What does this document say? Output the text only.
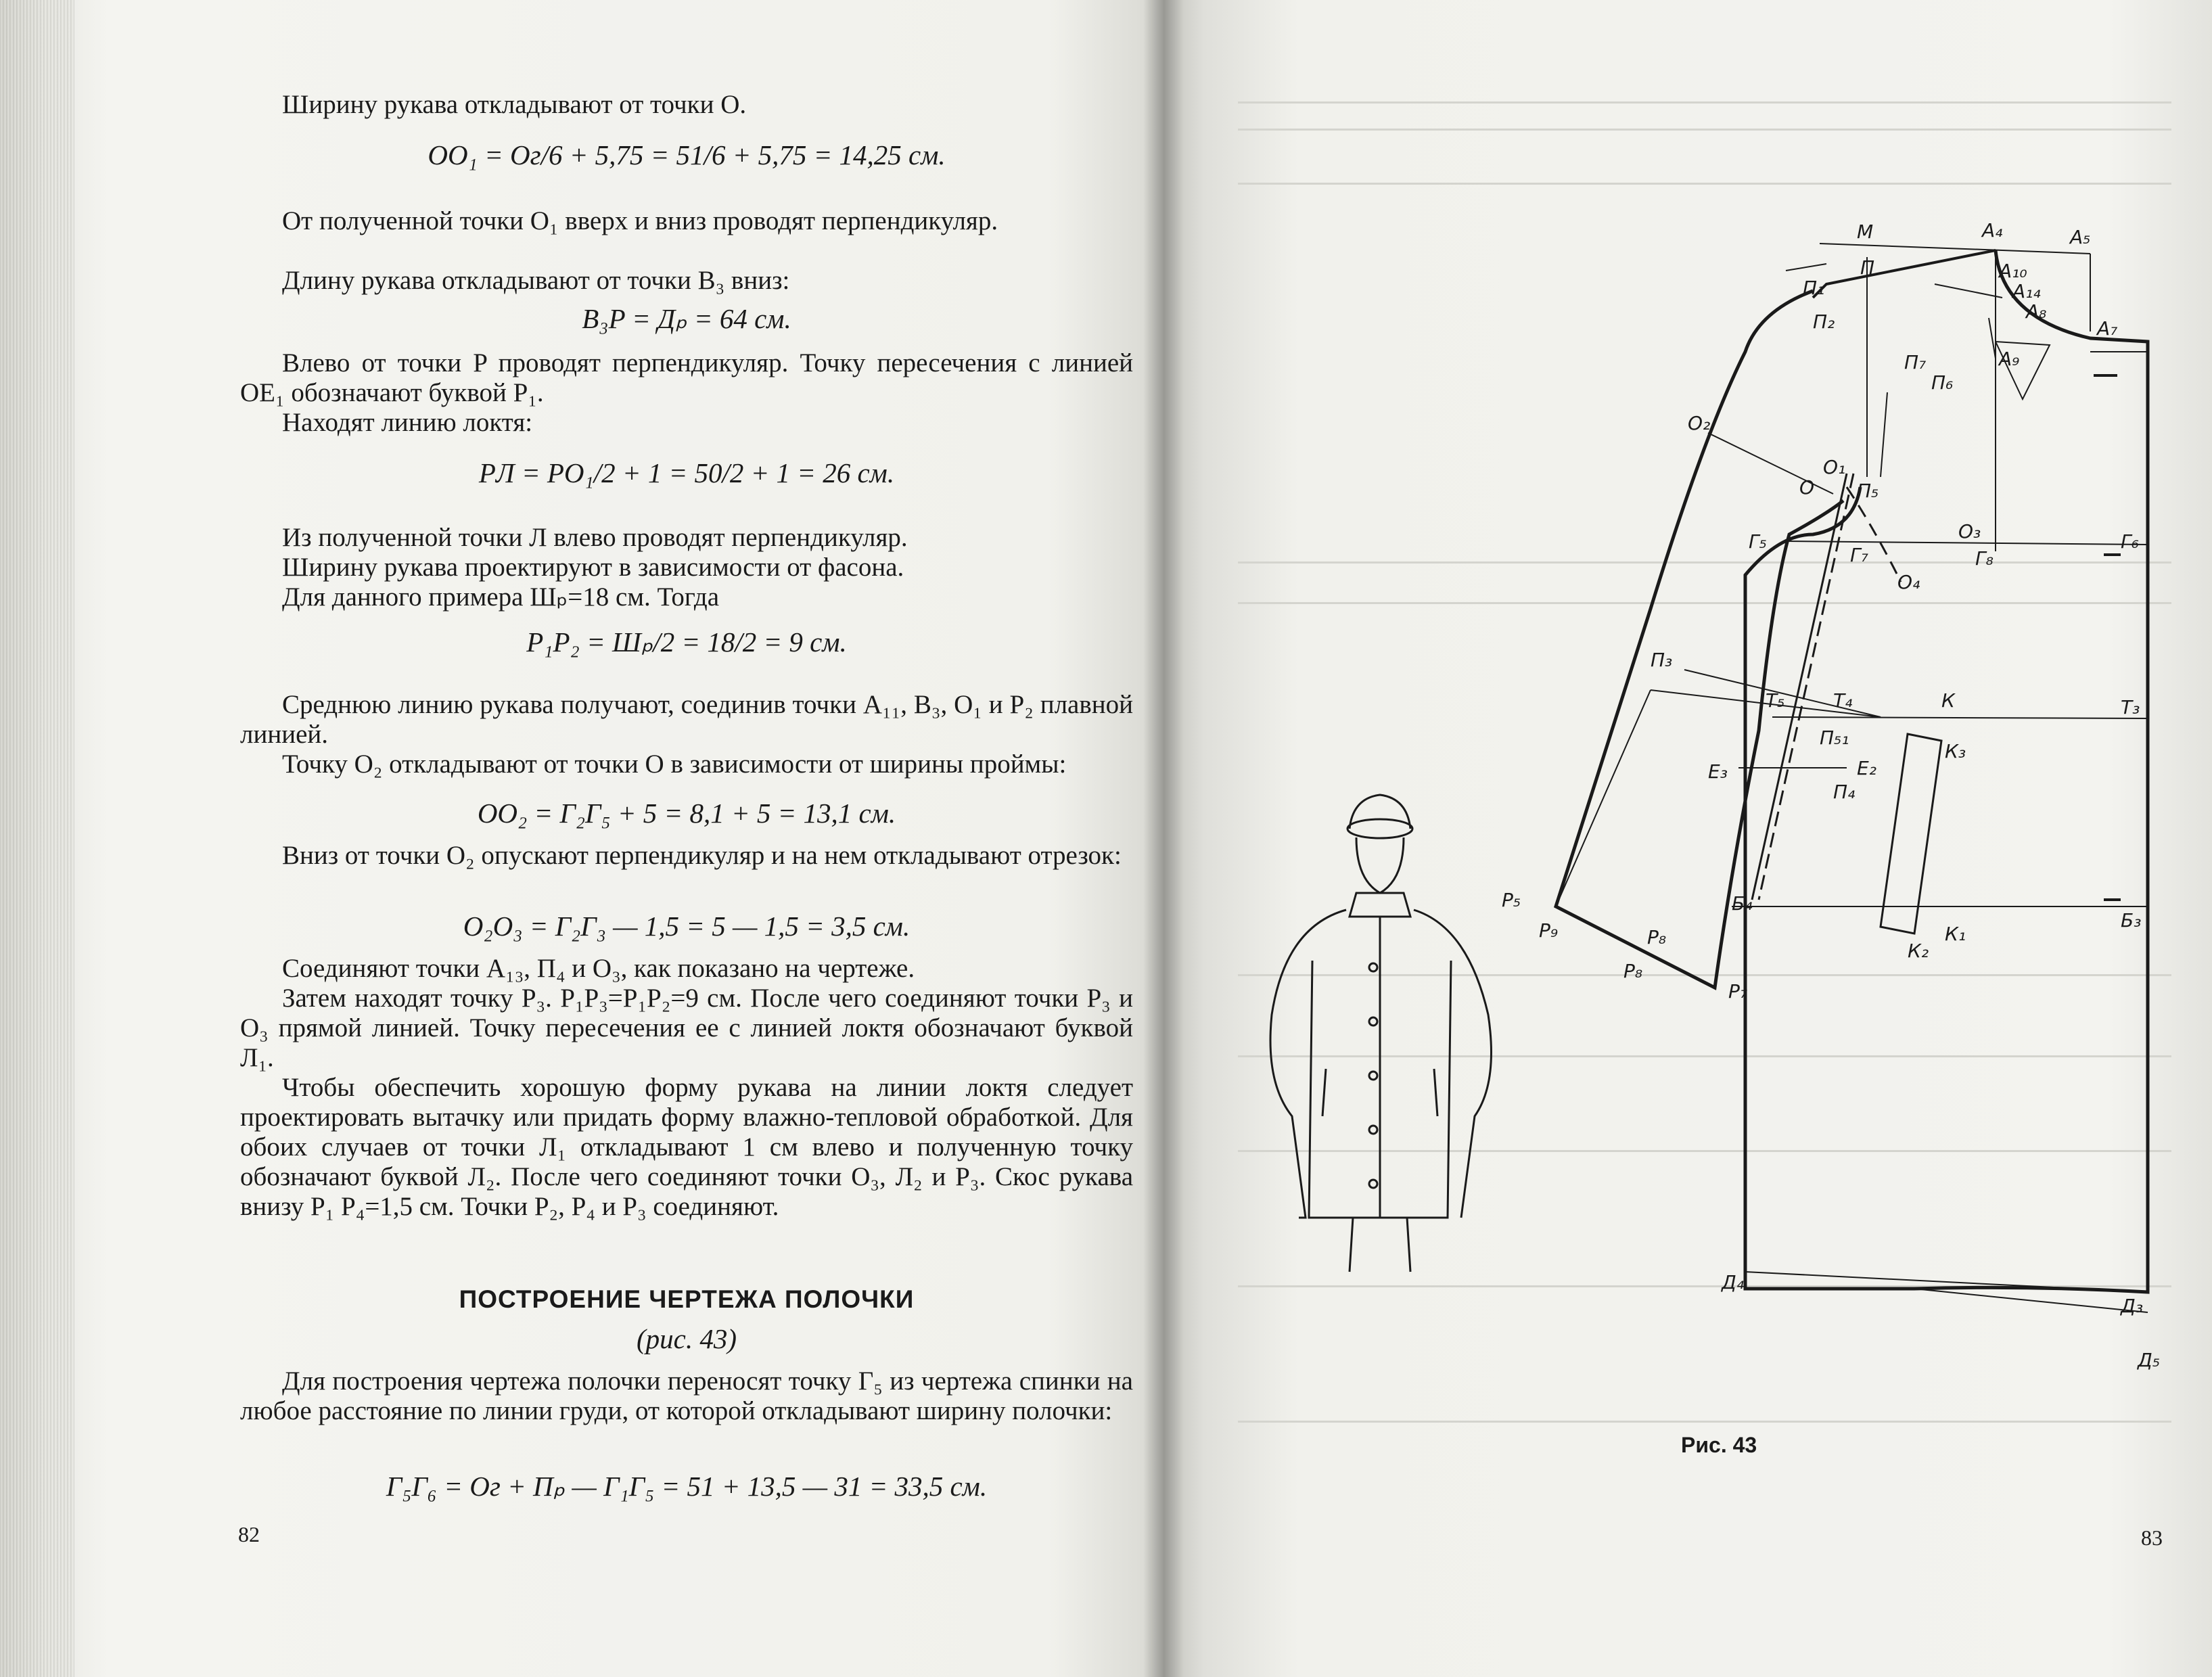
Ширину рукава откладывают от точки O.
OO₁ = Oг/6 + 5,75 = 51/6 + 5,75 = 14,25 см.
От полученной точки O₁ вверх и вниз проводят перпендикуляр.
Длину рукава откладывают от точки B₃ вниз:
B₃P = Дₚ = 64 см.
Влево от точки P проводят перпендикуляр. Точку пересечения с линией OE₁ обозначают буквой P₁.
Находят линию локтя:
PЛ = PO₁/2 + 1 = 50/2 + 1 = 26 см.
Из полученной точки Л влево проводят перпендикуляр.
Ширину рукава проектируют в зависимости от фасона.
Для данного примера Шₚ=18 см. Тогда
P₁P₂ = Шₚ/2 = 18/2 = 9 см.
Среднюю линию рукава получают, соединив точки A₁₁, B₃, O₁ и P₂ плавной линией.
Точку O₂ откладывают от точки O в зависимости от ширины проймы:
OO₂ = Г₂Г₅ + 5 = 8,1 + 5 = 13,1 см.
Вниз от точки O₂ опускают перпендикуляр и на нем откладывают отрезок:
O₂O₃ = Г₂Г₃ — 1,5 = 5 — 1,5 = 3,5 см.
Соединяют точки A₁₃, П₄ и O₃, как показано на чертеже.
Затем находят точку P₃. P₁P₃=P₁P₂=9 см. После чего соединяют точки P₃ и O₃ прямой линией. Точку пересечения ее с линией локтя обозначают буквой Л₁.
Чтобы обеспечить хорошую форму рукава на линии локтя следует проектировать вытачку или придать форму влажно-тепловой обработкой. Для обоих случаев от точки Л₁ откладывают 1 см влево и полученную точку обозначают буквой Л₂. После чего соединяют точки O₃, Л₂ и P₃. Скос рукава внизу P₁ P₄=1,5 см. Точки P₂, P₄ и P₃ соединяют.
ПОСТРОЕНИЕ ЧЕРТЕЖА ПОЛОЧКИ
(рис. 43)
Для построения чертежа полочки переносят точку Г₅ из чертежа спинки на любое расстояние по линии груди, от которой откладывают ширину полочки:
Г₅Г₆ = Oг + Пₚ — Г₁Г₅ = 51 + 13,5 — 31 = 33,5 см.
82
М	А₄	А₅
А₁₀
А₁₄
А₈
А₇
А₉
П₁
П
П₂
П₇
П₆
О₂
О₁
О П₅
Г₅
Г₇
О₃
Г₈
Г₆
О₄
П₃
Т₅	Т₄	К	Т₃
П₅₁
К₃
Е₃	Е₂
П₄
Б₄
Б₃
К₂
К₁
Р₅
Р₉	Р₈
Р₈
Р₇
Д₄
Д₃
Д₅
Рис. 43
83
